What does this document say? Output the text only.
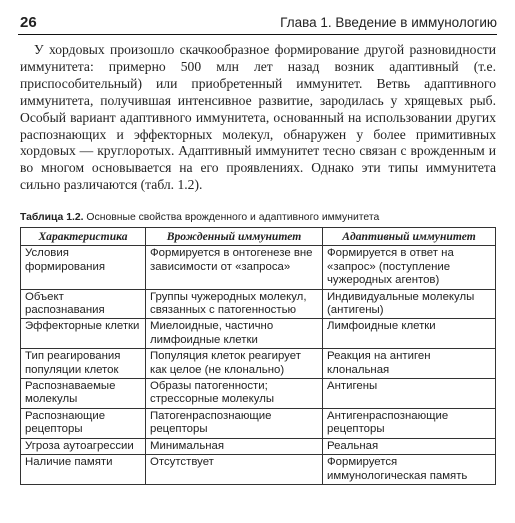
26	Глава 1. Введение в иммунологию

У хордовых произошло скачкообразное формирование другой разновидности иммунитета: примерно 500 млн лет назад возник адаптивный (т.е. приспособительный) или приобретенный иммунитет. Ветвь адаптивного иммунитета, получившая интенсивное развитие, зародилась у хрящевых рыб. Особый вариант адаптивного иммунитета, основанный на использовании других распознающих и эффекторных молекул, обнаружен у более примитивных хордовых — круглоротых. Адаптивный иммунитет тесно связан с врожденным и во многом основывается на его проявлениях. Однако эти типы иммунитета сильно различаются (табл. 1.2).

Таблица 1.2. Основные свойства врожденного и адаптивного иммунитета

Характеристика	Врожденный иммунитет	Адаптивный иммунитет
Условия формирования	Формируется в онтогенезе вне зависимости от «запроса»	Формируется в ответ на «запрос» (поступление чужеродных агентов)
Объект распознавания	Группы чужеродных молекул, связанных с патогенностью	Индивидуальные молекулы (антигены)
Эффекторные клетки	Миелоидные, частично лимфоидные клетки	Лимфоидные клетки
Тип реагирования популяции клеток	Популяция клеток реагирует как целое (не клонально)	Реакция на антиген клональная
Распознаваемые молекулы	Образы патогенности; стрессорные молекулы	Антигены
Распознающие рецепторы	Патогенраспознающие рецепторы	Антигенраспознающие рецепторы
Угроза аутоагрессии	Минимальная	Реальная
Наличие памяти	Отсутствует	Формируется иммунологическая память
